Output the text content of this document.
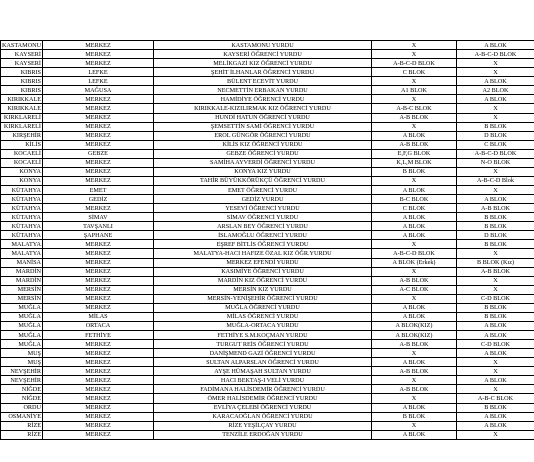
KASTAMONU	MERKEZ	KASTAMONU YURDU	X	A BLOK
KAYSERİ	MERKEZ	KAYSERİ ÖĞRENCİ YURDU	X	A-B-C-D BLOK
KAYSERİ	MERKEZ	MELİKGAZİ KIZ ÖĞRENCİ YURDU	A-B-C-D BLOK	X
KIBRIS	LEFKE	ŞEHİT İLHANLAR ÖĞRENCİ YURDU	C BLOK	X
KIBRIS	LEFKE	BÜLENT ECEVİT YURDU	X	A BLOK
KIBRIS	MAĞUSA	NECMETTİN ERBAKAN YURDU	A1 BLOK	A2 BLOK
KIRIKKALE	MERKEZ	HAMİDİYE ÖĞRENCİ YURDU	X	A BLOK
KIRIKKALE	MERKEZ	KIRIKKALE-KIZILIRMAK KIZ ÖĞRENCİ YURDU	A-B-C BLOK	X
KIRKLARELİ	MERKEZ	HUNDİ HATUN ÖĞRENCİ YURDU	A-B BLOK	X
KIRKLARELİ	MERKEZ	ŞEMSETTİN SAMİ ÖĞRENCİ YURDU	X	B BLOK
KIRŞEHİR	MERKEZ	EROL GÜNGÖR ÖĞRENCİ YURDU	A BLOK	D BLOK
KİLİS	MERKEZ	KİLİS KIZ ÖĞRENCİ YURDU	A-B BLOK	C BLOK
KOCAELİ	GEBZE	GEBZE ÖĞRENCİ YURDU	E,F,G BLOK	A-B-C-D BLOK
KOCAELİ	MERKEZ	SAMİHA AYVERDİ ÖĞRENCİ YURDU	K,L,M BLOK	N-O BLOK
KONYA	MERKEZ	KONYA KIZ YURDU	B BLOK	X
KONYA	MERKEZ	TAHİR BÜYÜKKÖRÜKÇÜ ÖĞRENCİ YURDU	X	A-B-C-D Blok
KÜTAHYA	EMET	EMET ÖĞRENCİ YURDU	A BLOK	X
KÜTAHYA	GEDİZ	GEDİZ YURDU	B-C BLOK	A BLOK
KÜTAHYA	MERKEZ	YESEVİ ÖĞRENCİ YURDU	C BLOK	A-B BLOK
KÜTAHYA	SİMAV	SİMAV ÖĞRENCİ YURDU	A BLOK	B BLOK
KÜTAHYA	TAVŞANLI	ARSLAN BEY ÖĞRENCİ YURDU	A BLOK	B BLOK
KÜTAHYA	ŞAPHANE	İSLAMOĞLU ÖĞRENCİ YURDU	A BLOK	D BLOK
MALATYA	MERKEZ	EŞREF BİTLİS ÖĞRENCİ YURDU	X	B BLOK
MALATYA	MERKEZ	MALATYA-HACI HAFIZE ÖZAL KIZ ÖĞR.YURDU	A-B-C-D BLOK	X
MANİSA	MERKEZ	MERKEZ EFENDİ YURDU	A BLOK (Erkek)	B BLOK (Kız)
MARDİN	MERKEZ	KASIMİYE ÖĞRENCİ YURDU	X	A-B BLOK
MARDİN	MERKEZ	MARDİN KIZ ÖĞRENCİ YURDU	A-B BLOK	X
MERSİN	MERKEZ	MERSİN KIZ YURDU	A-C BLOK	X
MERSİN	MERKEZ	MERSİN-YENİŞEHİR ÖĞRENCİ YURDU	X	C-D BLOK
MUĞLA	MERKEZ	MUĞLA ÖĞRENCİ YURDU	A BLOK	B BLOK
MUĞLA	MİLAS	MİLAS ÖĞRENCİ YURDU	A BLOK	B BLOK
MUĞLA	ORTACA	MUĞLA-ORTACA YURDU	A BLOK(KIZ)	A BLOK
MUĞLA	FETHİYE	FETHİYE S.M.KOÇMAN YURDU	A BLOK(KIZ)	A BLOK
MUĞLA	MERKEZ	TURGUT REİS ÖĞRENCİ YURDU	A-B BLOK	C-D BLOK
MUŞ	MERKEZ	DANİŞMEND GAZİ ÖĞRENCİ YURDU	X	A BLOK
MUŞ	MERKEZ	SULTAN ALPARSLAN ÖĞRENCİ YURDU	A BLOK	X
NEVŞEHİR	MERKEZ	AYŞE HÜMAŞAH SULTAN YURDU	A-B BLOK	X
NEVŞEHİR	MERKEZ	HACI BEKTAŞ-I VELİ YURDU	X	A BLOK
NİĞDE	MERKEZ	FADİMANA HALİSDEMİR ÖĞRENCİ YURDU	A-B BLOK	X
NİĞDE	MERKEZ	ÖMER HALİSDEMİR ÖĞRENCİ YURDU	X	A-B-C BLOK
ORDU	MERKEZ	EVLİYA ÇELEBİ ÖĞRENCİ YURDU	A BLOK	B BLOK
OSMANİYE	MERKEZ	KARACAOĞLAN ÖĞRENCİ YURDU	B BLOK	A BLOK
RİZE	MERKEZ	RİZE YEŞİLÇAY YURDU	X	A BLOK
RİZE	MERKEZ	TENZİLE ERDOĞAN YURDU	A BLOK	X
